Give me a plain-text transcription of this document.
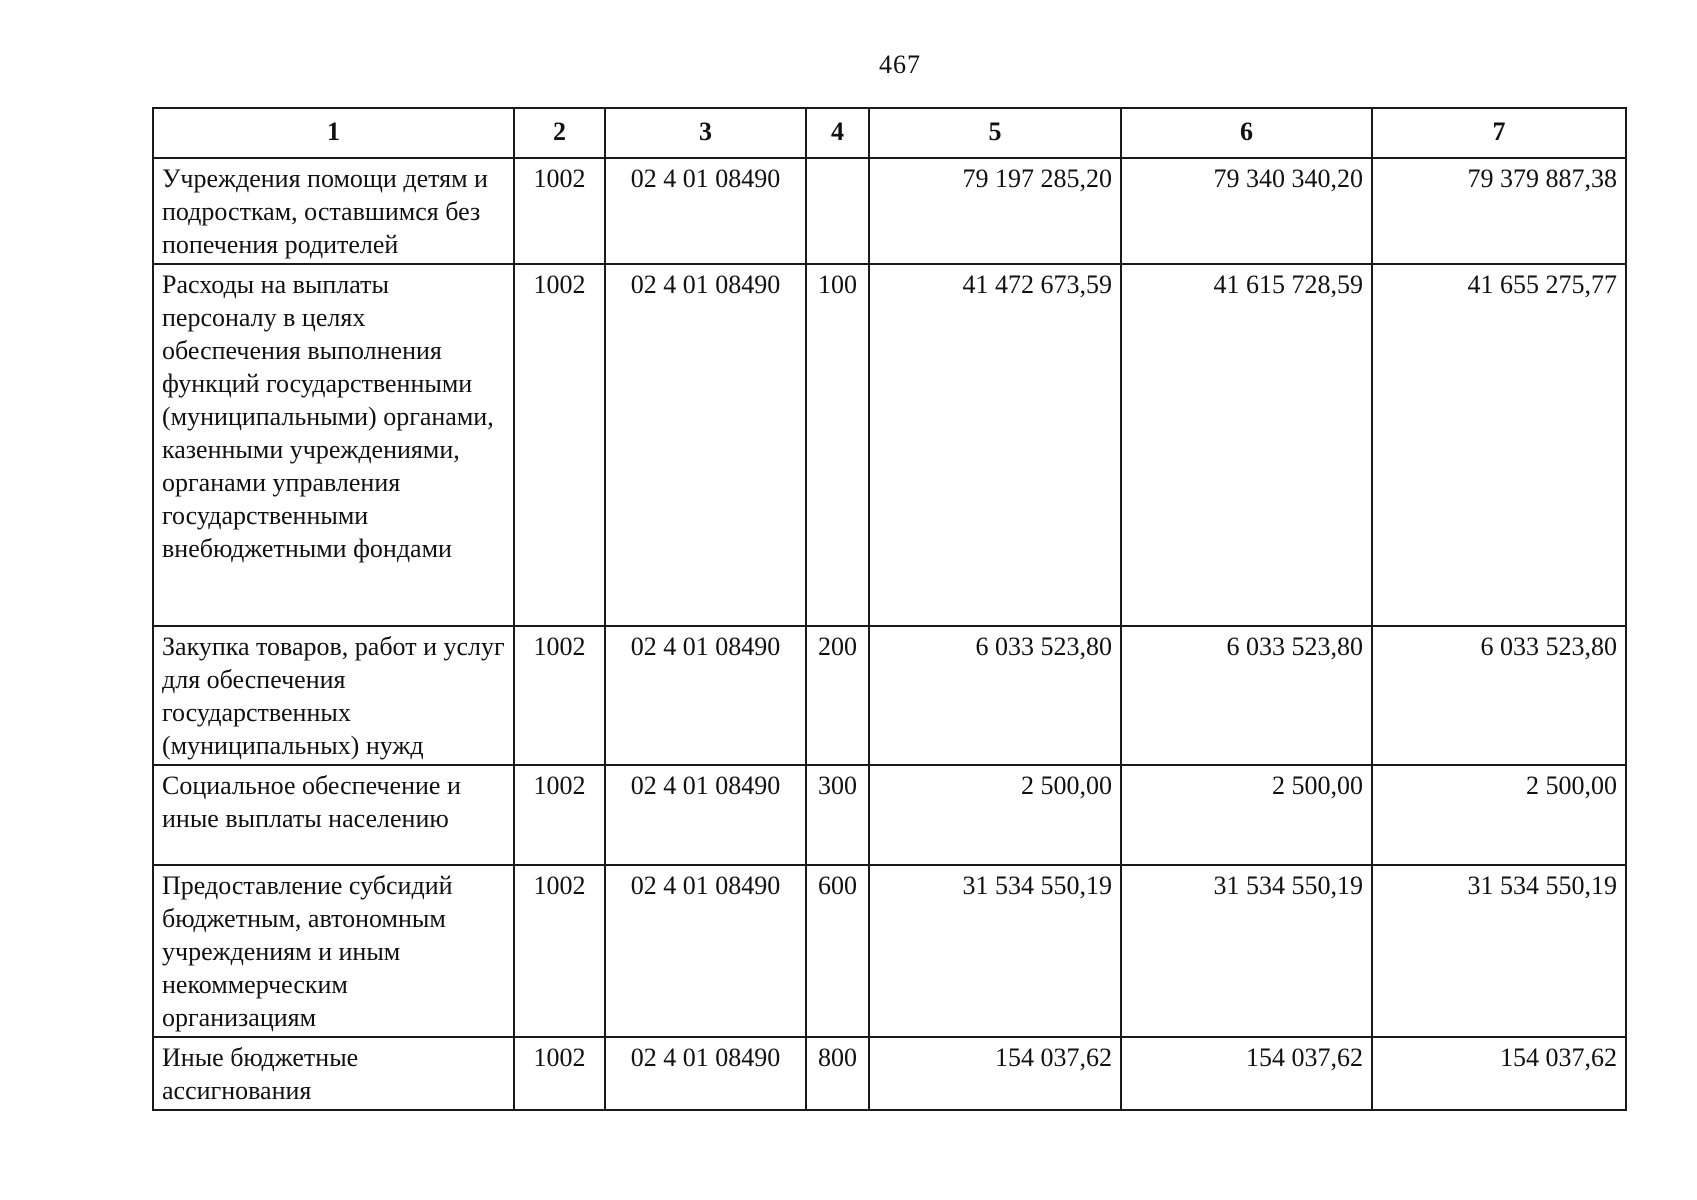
467
1	2	3	4	5	6	7
Учреждения помощи детям и подросткам, оставшимся без попечения родителей	1002	02 4 01 08490		79 197 285,20	79 340 340,20	79 379 887,38
Расходы на выплаты персоналу в целях обеспечения выполнения функций государственными (муниципальными) органами, казенными учреждениями, органами управления государственными внебюджетными фондами	1002	02 4 01 08490	100	41 472 673,59	41 615 728,59	41 655 275,77
Закупка товаров, работ и услуг для обеспечения государственных (муниципальных) нужд	1002	02 4 01 08490	200	6 033 523,80	6 033 523,80	6 033 523,80
Социальное обеспечение и иные выплаты населению	1002	02 4 01 08490	300	2 500,00	2 500,00	2 500,00
Предоставление субсидий бюджетным, автономным учреждениям и иным некоммерческим организациям	1002	02 4 01 08490	600	31 534 550,19	31 534 550,19	31 534 550,19
Иные бюджетные ассигнования	1002	02 4 01 08490	800	154 037,62	154 037,62	154 037,62
